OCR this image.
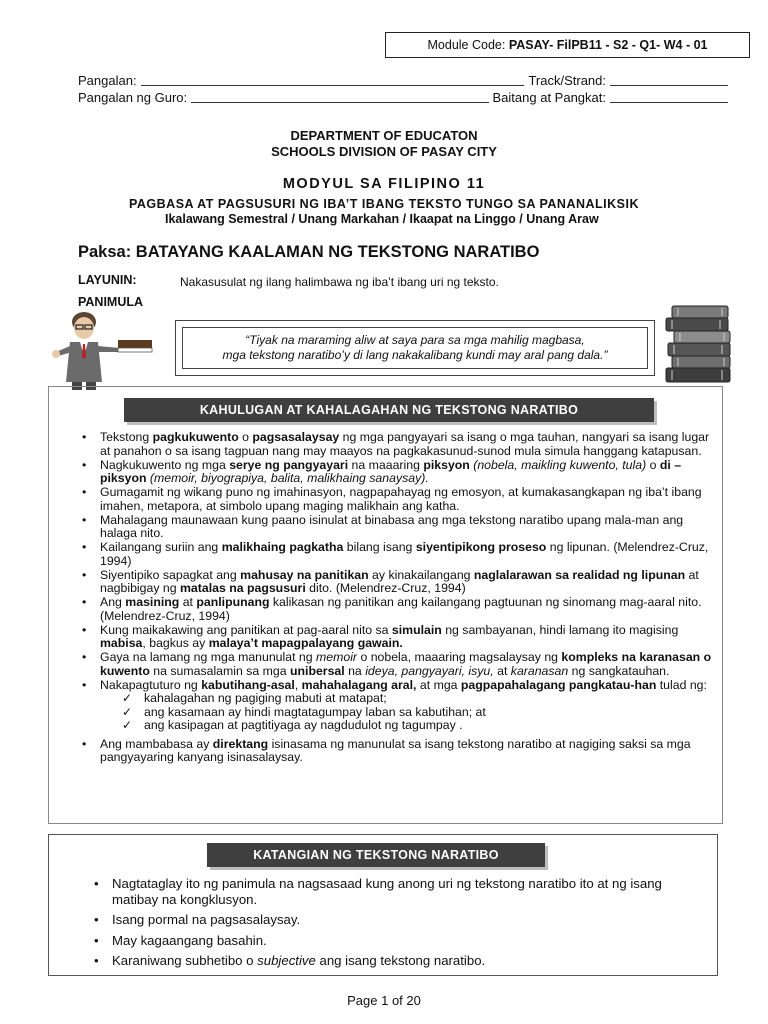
Module Code: PASAY- FilPB11 - S2 - Q1- W4 - 01
Pangalan:	Track/Strand:
Pangalan ng Guro:	Baitang at Pangkat:
DEPARTMENT OF EDUCATON
SCHOOLS DIVISION OF PASAY CITY
MODYUL SA FILIPINO 11
PAGBASA AT PAGSUSURI NG IBA’T IBANG TEKSTO TUNGO SA PANANALIKSIK
Ikalawang Semestral / Unang Markahan / Ikaapat na Linggo / Unang Araw
Paksa: BATAYANG KAALAMAN NG TEKSTONG NARATIBO
LAYUNIN:	Nakasusulat ng ilang halimbawa ng iba’t ibang uri ng teksto.
PANIMULA
“Tiyak na maraming aliw at saya para sa mga mahilig magbasa,
mga tekstong naratibo’y di lang nakakalibang kundi may aral pang dala.”
KAHULUGAN AT KAHALAGAHAN NG TEKSTONG NARATIBO
• Tekstong pagkukuwento o pagsasalaysay ng mga pangyayari sa isang o mga tauhan, nangyari sa isang lugar at panahon o sa isang tagpuan nang may maayos na pagkakasunud-sunod mula simula hanggang katapusan.
• Nagkukuwento ng mga serye ng pangyayari na maaaring piksyon (nobela, maikling kuwento, tula) o di – piksyon (memoir, biyograpiya, balita, malikhaing sanaysay).
• Gumagamit ng wikang puno ng imahinasyon, nagpapahayag ng emosyon, at kumakasangkapan ng iba’t ibang imahen, metapora, at simbolo upang maging malikhain ang katha.
• Mahalagang maunawaan kung paano isinulat at binabasa ang mga tekstong naratibo upang mala-man ang halaga nito.
• Kailangang suriin ang malikhaing pagkatha bilang isang siyentipikong proseso ng lipunan. (Melendrez-Cruz, 1994)
• Siyentipiko sapagkat ang mahusay na panitikan ay kinakailangang naglalarawan sa realidad ng lipunan at nagbibigay ng matalas na pagsusuri dito. (Melendrez-Cruz, 1994)
• Ang masining at panlipunang kalikasan ng panitikan ang kailangang pagtuunan ng sinomang mag-aaral nito. (Melendrez-Cruz, 1994)
• Kung maikakawing ang panitikan at pag-aaral nito sa simulain ng sambayanan, hindi lamang ito magising mabisa, bagkus ay malaya’t mapagpalayang gawain.
• Gaya na lamang ng mga manunulat ng memoir o nobela, maaaring magsalaysay ng kompleks na karanasan o kuwento na sumasalamin sa mga unibersal na ideya, pangyayari, isyu, at karanasan ng sangkatauhan.
• Nakapagtuturo ng kabutihang-asal, mahahalagang aral, at mga pagpapahalagang pangkatau-han tulad ng:
✓ kahalagahan ng pagiging mabuti at matapat;
✓ ang kasamaan ay hindi magtatagumpay laban sa kabutihan; at
✓ ang kasipagan at pagtitiyaga ay nagdudulot ng tagumpay .
• Ang mambabasa ay direktang isinasama ng manunulat sa isang tekstong naratibo at nagiging saksi sa mga pangyayaring kanyang isinasalaysay.
KATANGIAN NG TEKSTONG NARATIBO
• Nagtataglay ito ng panimula na nagsasaad kung anong uri ng tekstong naratibo ito at ng isang matibay na kongklusyon.
• Isang pormal na pagsasalaysay.
• May kagaangang basahin.
• Karaniwang subhetibo o subjective ang isang tekstong naratibo.
Page 1 of 20
